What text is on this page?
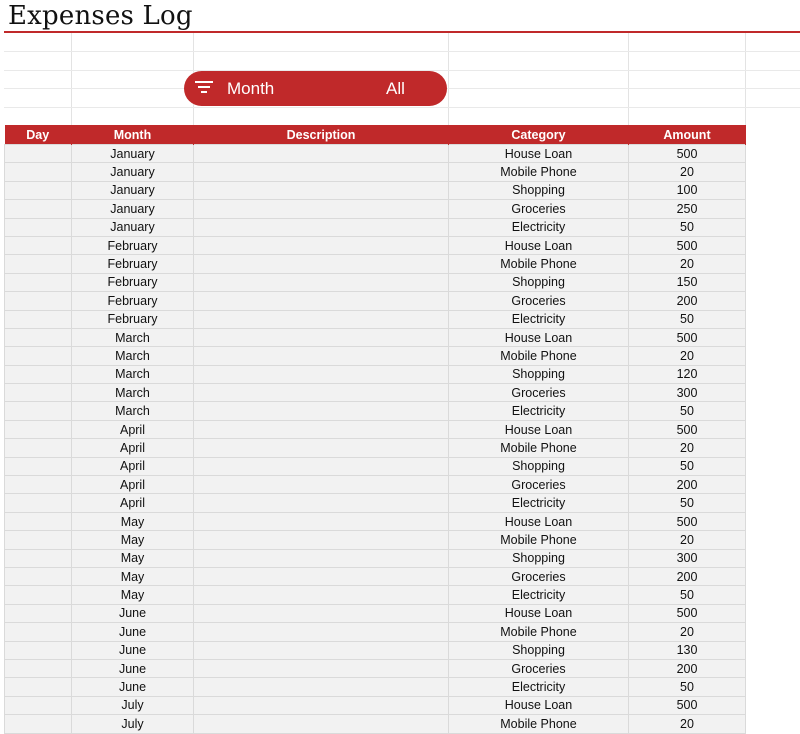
Expenses Log
Month	All
Day	Month	Description	Category	Amount
	January		House Loan	500
	January		Mobile Phone	20
	January		Shopping	100
	January		Groceries	250
	January		Electricity	50
	February		House Loan	500
	February		Mobile Phone	20
	February		Shopping	150
	February		Groceries	200
	February		Electricity	50
	March		House Loan	500
	March		Mobile Phone	20
	March		Shopping	120
	March		Groceries	300
	March		Electricity	50
	April		House Loan	500
	April		Mobile Phone	20
	April		Shopping	50
	April		Groceries	200
	April		Electricity	50
	May		House Loan	500
	May		Mobile Phone	20
	May		Shopping	300
	May		Groceries	200
	May		Electricity	50
	June		House Loan	500
	June		Mobile Phone	20
	June		Shopping	130
	June		Groceries	200
	June		Electricity	50
	July		House Loan	500
	July		Mobile Phone	20
